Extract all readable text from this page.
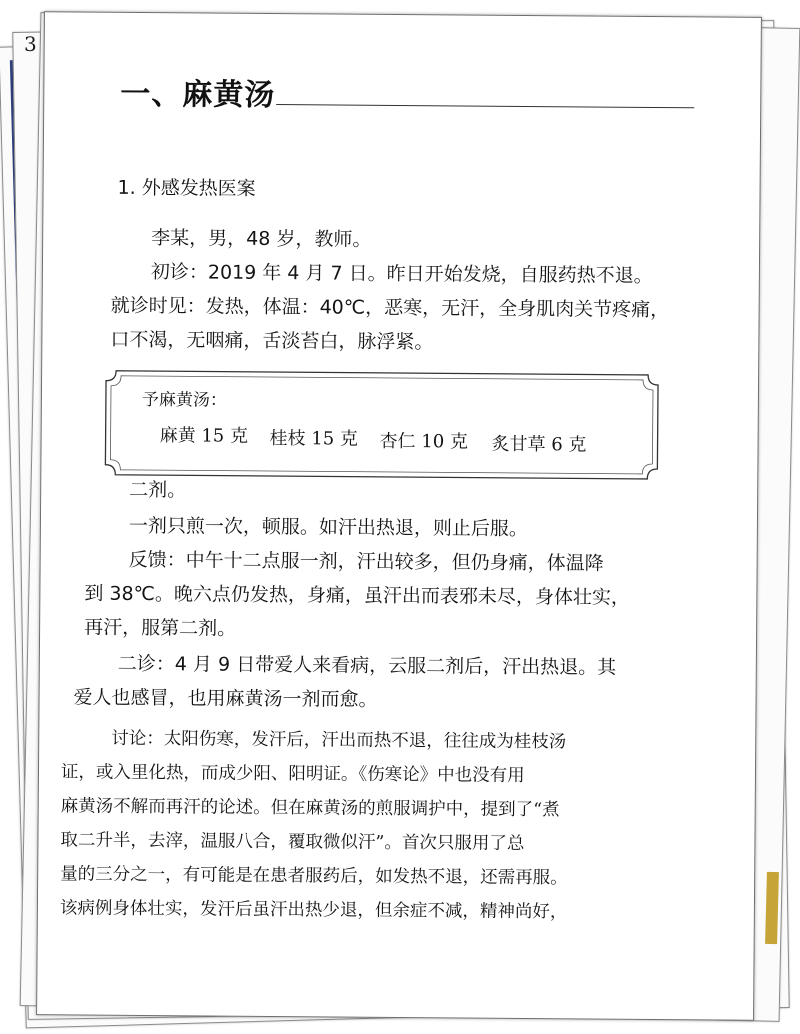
3
一、麻黄汤
1. 外感发热医案
李某，男，48 岁，教师。
初诊：2019 年 4 月 7 日。昨日开始发烧，自服药热不退。
就诊时见：发热，体温：40℃，恶寒，无汗，全身肌肉关节疼痛，
口不渴，无咽痛，舌淡苔白，脉浮紧。
予麻黄汤：
麻黄 15 克 桂枝 15 克 杏仁 10 克 炙甘草 6 克
二剂。
一剂只煎一次，顿服。如汗出热退，则止后服。
反馈：中午十二点服一剂，汗出较多，但仍身痛，体温降
到 38℃。晚六点仍发热，身痛，虽汗出而表邪未尽，身体壮实，
再汗，服第二剂。
二诊：4 月 9 日带爱人来看病，云服二剂后，汗出热退。其
爱人也感冒，也用麻黄汤一剂而愈。
讨论：太阳伤寒，发汗后，汗出而热不退，往往成为桂枝汤
证，或入里化热，而成少阳、阳明证。《伤寒论》中也没有用
麻黄汤不解而再汗的论述。但在麻黄汤的煎服调护中，提到了“煮
取二升半，去滓，温服八合，覆取微似汗”。首次只服用了总
量的三分之一，有可能是在患者服药后，如发热不退，还需再服。
该病例身体壮实，发汗后虽汗出热少退，但余症不减，精神尚好，
